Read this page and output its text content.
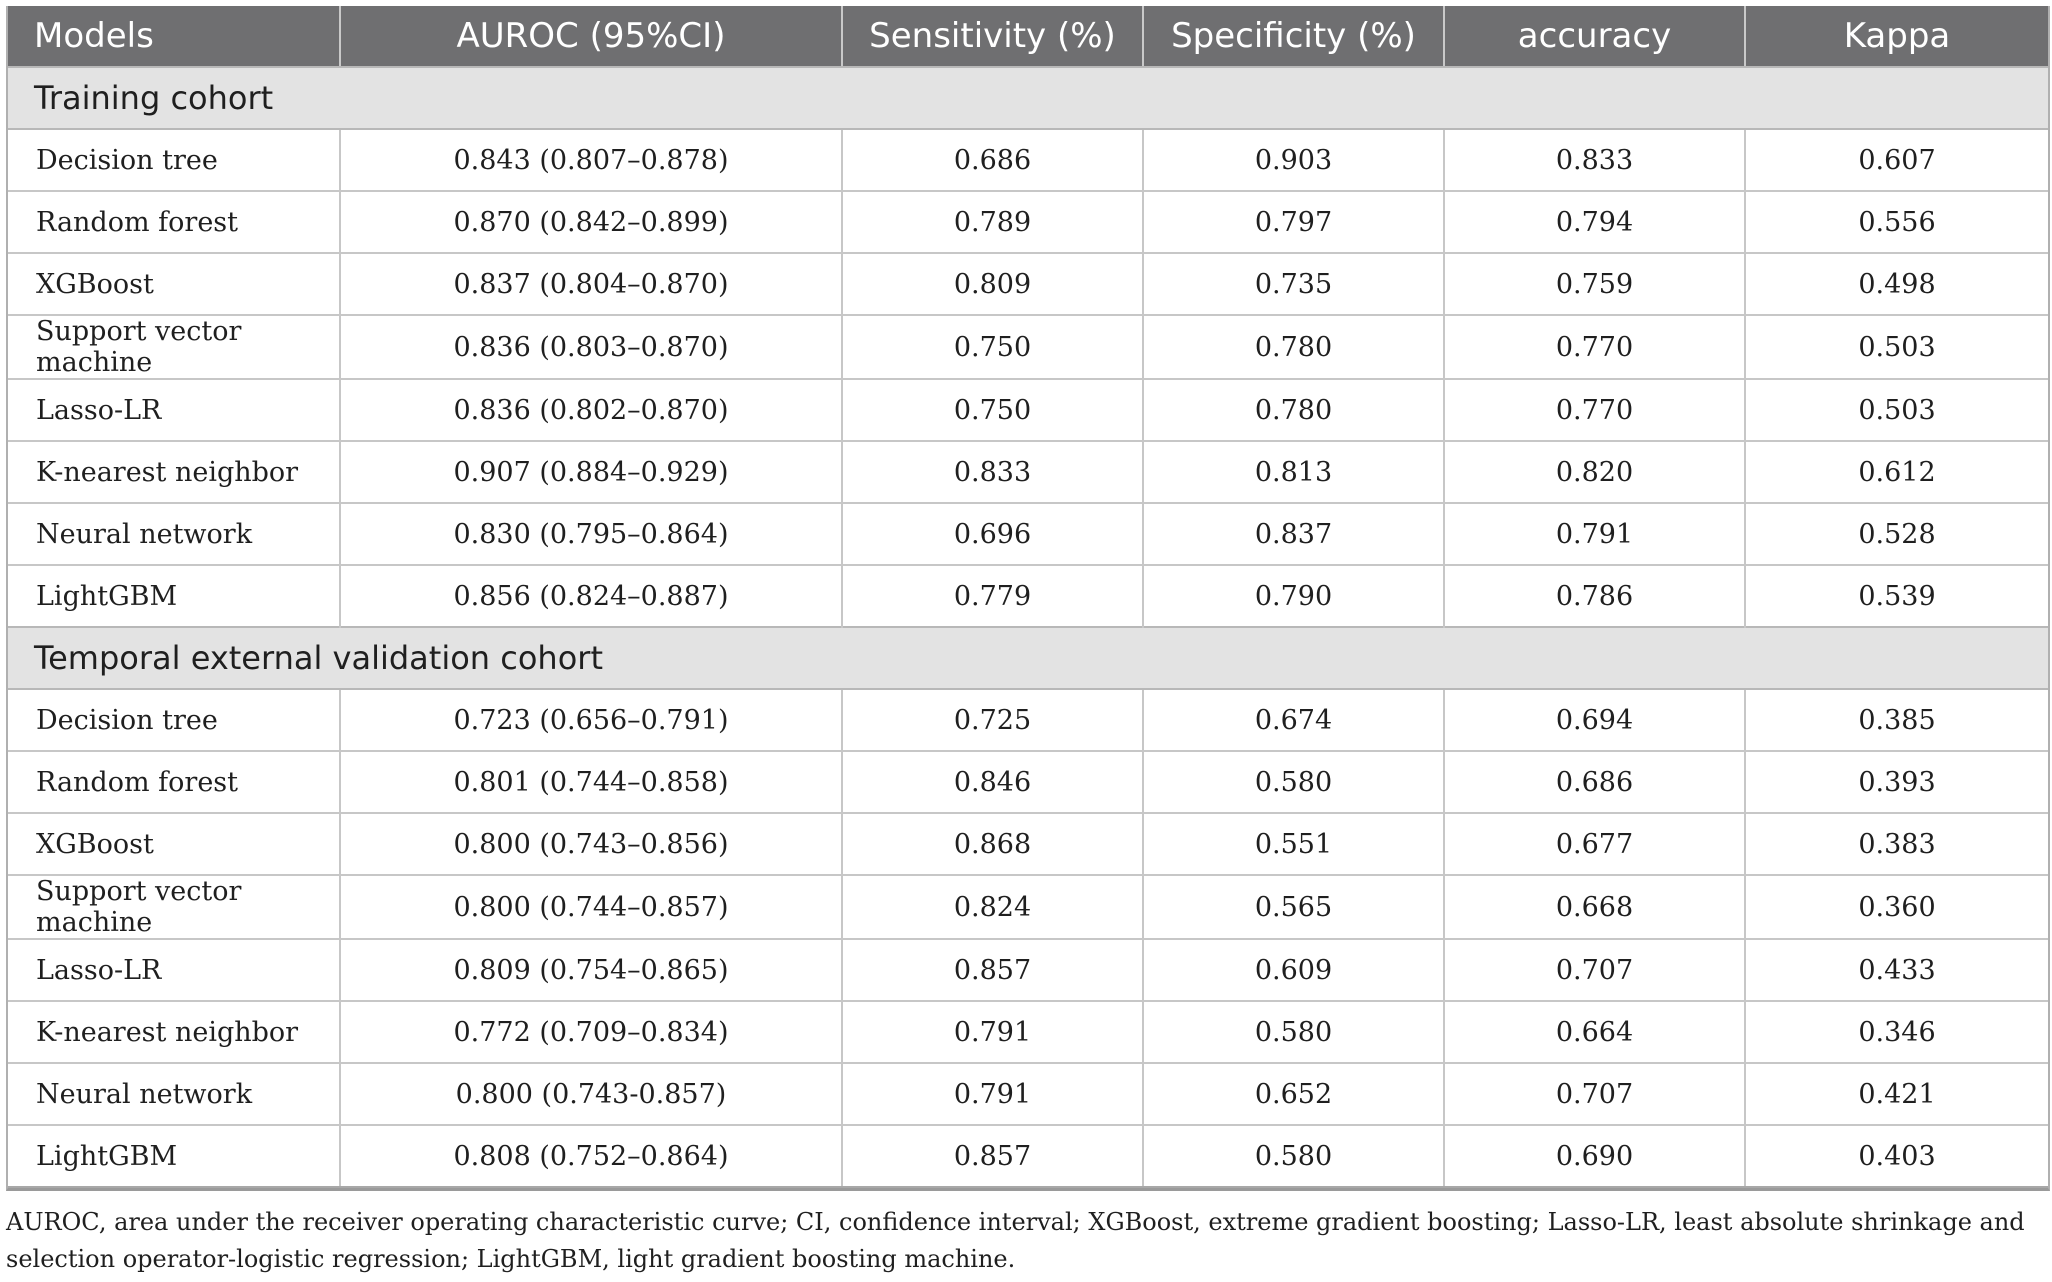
Models	AUROC (95%CI)	Sensitivity (%)	Specificity (%)	accuracy	Kappa
Training cohort					
Decision tree	0.843 (0.807–0.878)	0.686	0.903	0.833	0.607
Random forest	0.870 (0.842–0.899)	0.789	0.797	0.794	0.556
XGBoost	0.837 (0.804–0.870)	0.809	0.735	0.759	0.498
Support vector machine	0.836 (0.803–0.870)	0.750	0.780	0.770	0.503
Lasso-LR	0.836 (0.802–0.870)	0.750	0.780	0.770	0.503
K-nearest neighbor	0.907 (0.884–0.929)	0.833	0.813	0.820	0.612
Neural network	0.830 (0.795–0.864)	0.696	0.837	0.791	0.528
LightGBM	0.856 (0.824–0.887)	0.779	0.790	0.786	0.539
Temporal external validation cohort					
Decision tree	0.723 (0.656–0.791)	0.725	0.674	0.694	0.385
Random forest	0.801 (0.744–0.858)	0.846	0.580	0.686	0.393
XGBoost	0.800 (0.743–0.856)	0.868	0.551	0.677	0.383
Support vector machine	0.800 (0.744–0.857)	0.824	0.565	0.668	0.360
Lasso-LR	0.809 (0.754–0.865)	0.857	0.609	0.707	0.433
K-nearest neighbor	0.772 (0.709–0.834)	0.791	0.580	0.664	0.346
Neural network	0.800 (0.743-0.857)	0.791	0.652	0.707	0.421
LightGBM	0.808 (0.752–0.864)	0.857	0.580	0.690	0.403
AUROC, area under the receiver operating characteristic curve; CI, confidence interval; XGBoost, extreme gradient boosting; Lasso-LR, least absolute shrinkage and selection operator-logistic regression; LightGBM, light gradient boosting machine.
